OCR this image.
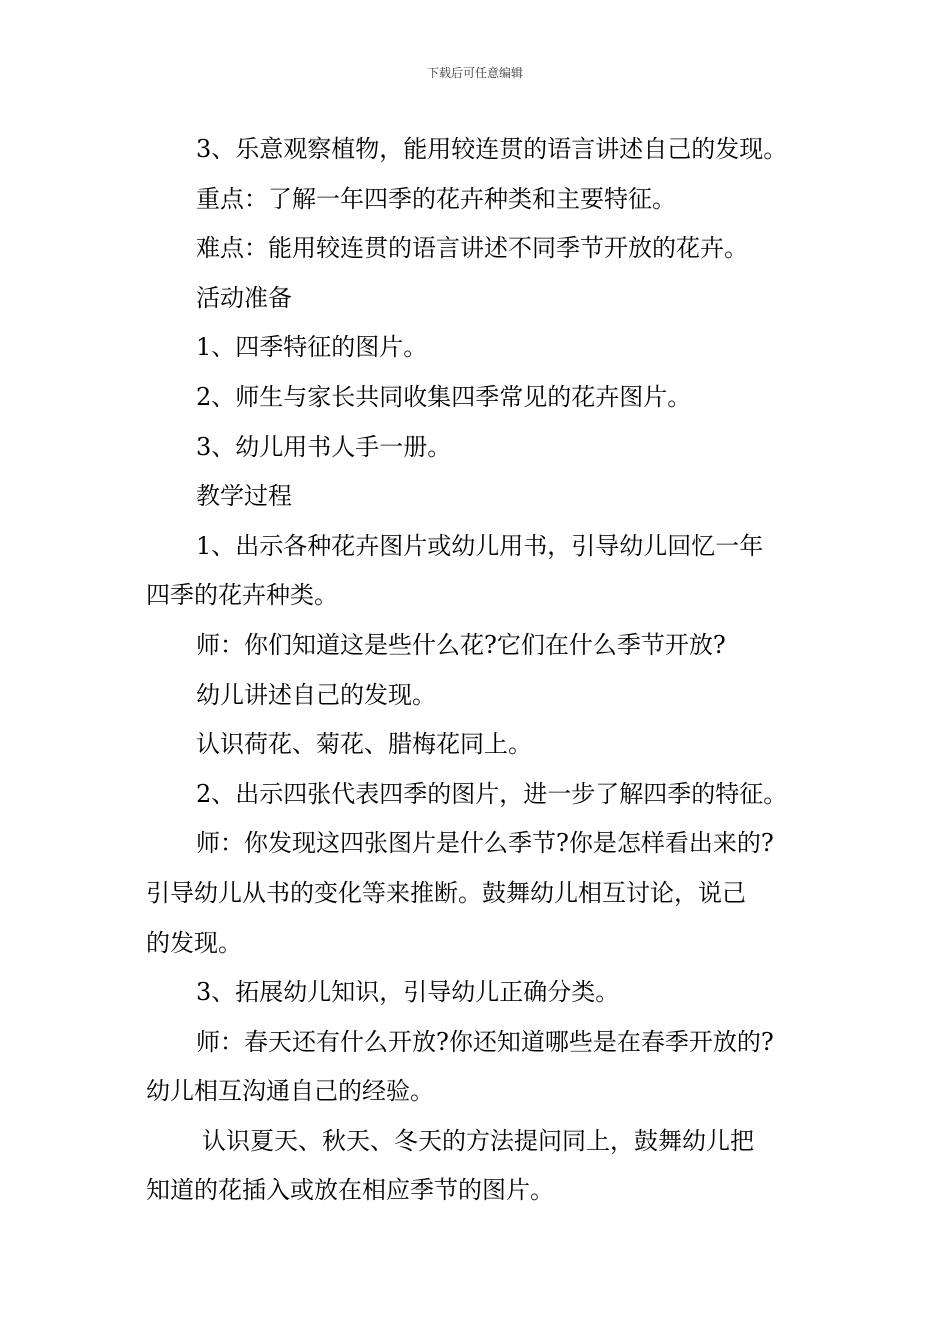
下载后可任意编辑
3、乐意观察植物，能用较连贯的语言讲述自己的发现。
重点：了解一年四季的花卉种类和主要特征。
难点：能用较连贯的语言讲述不同季节开放的花卉。
活动准备
1、四季特征的图片。
2、师生与家长共同收集四季常见的花卉图片。
3、幼儿用书人手一册。
教学过程
1、出示各种花卉图片或幼儿用书，引导幼儿回忆一年
四季的花卉种类。
师：你们知道这是些什么花?它们在什么季节开放?
幼儿讲述自己的发现。
认识荷花、菊花、腊梅花同上。
2、出示四张代表四季的图片，进一步了解四季的特征。
师：你发现这四张图片是什么季节?你是怎样看出来的?
引导幼儿从书的变化等来推断。鼓舞幼儿相互讨论，说己
的发现。
3、拓展幼儿知识，引导幼儿正确分类。
师：春天还有什么开放?你还知道哪些是在春季开放的?
幼儿相互沟通自己的经验。
认识夏天、秋天、冬天的方法提问同上，鼓舞幼儿把
知道的花插入或放在相应季节的图片。
